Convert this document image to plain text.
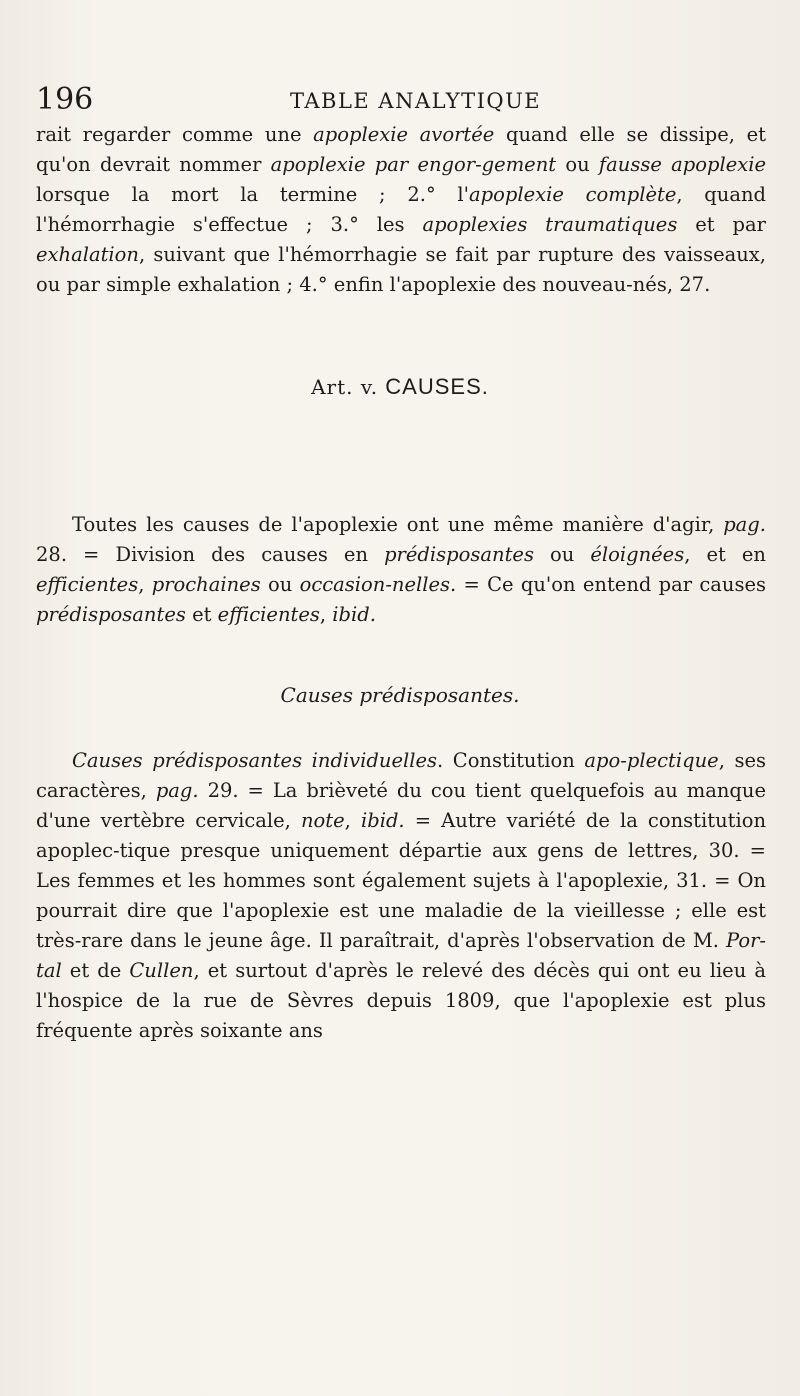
196	TABLE ANALYTIQUE
rait regarder comme une apoplexie avortée quand elle se dissipe, et qu'on devrait nommer apoplexie par engor-gement ou fausse apoplexie lorsque la mort la termine ; 2.° l'apoplexie complète, quand l'hémorrhagie s'effectue ; 3.° les apoplexies traumatiques et par exhalation, suivant que l'hémorrhagie se fait par rupture des vaisseaux, ou par simple exhalation ; 4.° enfin l'apoplexie des nouveau-nés, 27.
Art. v. CAUSES.
Toutes les causes de l'apoplexie ont une même manière d'agir, pag. 28. = Division des causes en prédisposantes ou éloignées, et en efficientes, prochaines ou occasion-nelles. = Ce qu'on entend par causes prédisposantes et efficientes, ibid.
Causes prédisposantes.
Causes prédisposantes individuelles. Constitution apo-plectique, ses caractères, pag. 29. = La brièveté du cou tient quelquefois au manque d'une vertèbre cervicale, note, ibid. = Autre variété de la constitution apoplec-tique presque uniquement départie aux gens de lettres, 30. = Les femmes et les hommes sont également sujets à l'apoplexie, 31. = On pourrait dire que l'apoplexie est une maladie de la vieillesse ; elle est très-rare dans le jeune âge. Il paraîtrait, d'après l'observation de M. Por-tal et de Cullen, et surtout d'après le relevé des décès qui ont eu lieu à l'hospice de la rue de Sèvres depuis 1809, que l'apoplexie est plus fréquente après soixante ans
